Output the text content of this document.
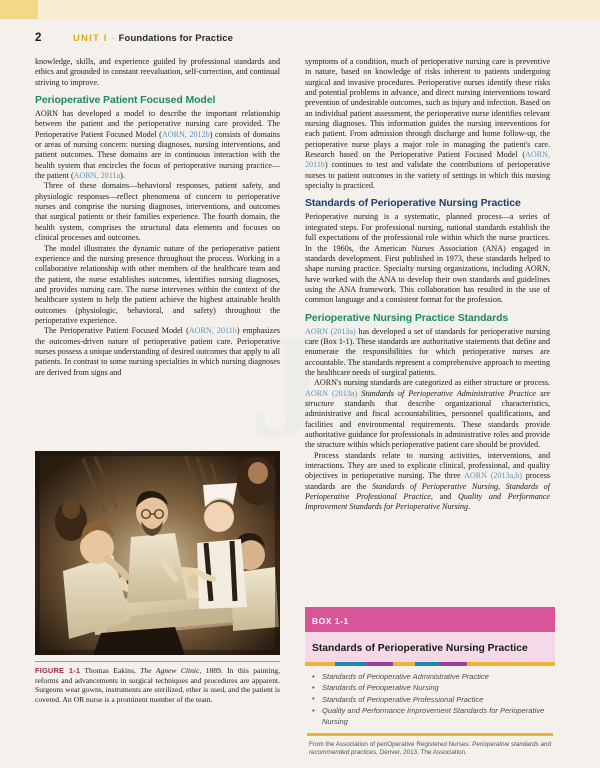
2	UNIT I · Foundations for Practice

knowledge, skills, and experience guided by professional standards and ethics and grounded in constant reevaluation, self-correction, and continual striving to improve.

Perioperative Patient Focused Model

AORN has developed a model to describe the important relationship between the patient and the perioperative nursing care provided. The Perioperative Patient Focused Model (AORN, 2012b) consists of domains or areas of nursing concern: nursing diagnoses, nursing interventions, and patient outcomes. These domains are in continuous interaction with the health system that encircles the focus of perioperative nursing practice—the patient (AORN, 2011a).

Three of these domains—behavioral responses, patient safety, and physiologic responses—reflect phenomena of concern to perioperative nurses and comprise the nursing diagnoses, interventions, and outcomes that surgical patients or their families experience. The fourth domain, the health system, comprises the structural data elements and focuses on clinical processes and outcomes.

The model illustrates the dynamic nature of the perioperative patient experience and the nursing presence throughout the process. Working in a collaborative relationship with other members of the healthcare team and the patient, the nurse establishes outcomes, identifies nursing diagnoses, and provides nursing care. The nurse intervenes within the context of the healthcare system to help the patient achieve the highest attainable health outcomes (physiologic, behavioral, and safety) throughout the perioperative experience.

The Perioperative Patient Focused Model (AORN, 2011b) emphasizes the outcomes-driven nature of perioperative patient care. Perioperative nurses possess a unique understanding of desired outcomes that apply to all patients. In contrast to some nursing specialties in which nursing diagnoses are derived from signs and

FIGURE 1-1 Thomas Eakins, The Agnew Clinic, 1889. In this painting, reforms and advancements in surgical techniques and procedures are apparent. Surgeons wear gowns, instruments are sterilized, ether is used, and the patient is covered. An OR nurse is a prominent member of the team.

symptoms of a condition, much of perioperative nursing care is preventive in nature, based on knowledge of risks inherent to patients undergoing surgical and invasive procedures. Perioperative nurses identify these risks and potential problems in advance, and direct nursing interventions toward prevention of undesirable outcomes, such as injury and infection. Based on an individual patient assessment, the perioperative nurse identifies relevant nursing diagnoses. This information guides the nursing interventions for each patient. From admission through discharge and home follow-up, the perioperative nurse plays a major role in managing the patient's care. Research based on the Perioperative Patient Focused Model (AORN, 2011b) continues to test and validate the contributions of perioperative nurses to patient outcomes in the variety of settings in which this nursing specialty is practiced.

Standards of Perioperative Nursing Practice

Perioperative nursing is a systematic, planned process—a series of integrated steps. For professional nursing, national standards establish the full expectations of the professional role within which the nurse practices. In the 1960s, the American Nurses Association (ANA) engaged in standards development. First published in 1973, these standards helped to shape nursing practice. Specialty nursing organizations, including AORN, have worked with the ANA to develop their own standards and guidelines using the ANA framework. This collaboration has resulted in the use of common language and a consistent format for the profession.

Perioperative Nursing Practice Standards

AORN (2013a) has developed a set of standards for perioperative nursing care (Box 1-1). These standards are authoritative statements that define and enumerate the responsibilities for which perioperative nurses are accountable. The standards represent a comprehensive approach to meeting the healthcare needs of surgical patients.

AORN's nursing standards are categorized as either structure or process. AORN (2013a) Standards of Perioperative Administrative Practice are structure standards that describe organizational characteristics, administrative and fiscal accountabilities, personnel qualifications, and facilities and environmental requirements. These standards provide authoritative guidance for professionals in administrative roles and provide the structure within which perioperative patient care should be provided.

Process standards relate to nursing activities, interventions, and interactions. They are used to explicate clinical, professional, and quality objectives in perioperative nursing. The three AORN (2013a,b) process standards are the Standards of Perioperative Nursing, Standards of Perioperative Professional Practice, and Quality and Performance Improvement Standards for Perioperative Nursing.

BOX 1-1
Standards of Perioperative Nursing Practice
• Standards of Perioperative Administrative Practice
• Standards of Perioperative Nursing
• Standards of Perioperative Professional Practice
• Quality and Performance Improvement Standards for Perioperative Nursing
From the Association of periOperative Registered Nurses: Perioperative standards and recommended practices, Denver, 2013, The Association.
